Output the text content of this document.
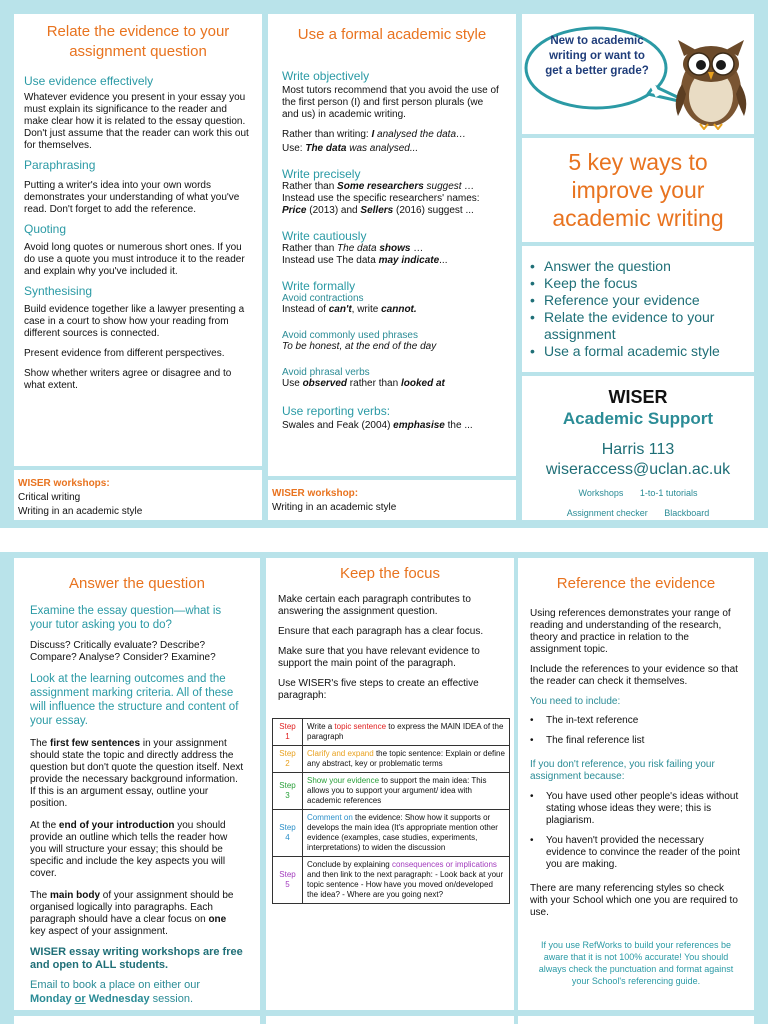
Relate the evidence to your assignment question
Use evidence effectively
Whatever evidence you present in your essay you must explain its significance to the reader and make clear how it is related to the essay question. Don't just assume that the reader can work this out for themselves.
Paraphrasing
Putting a writer's idea into your own words demonstrates your understanding of what you've read. Don't forget to add the reference.
Quoting
Avoid long quotes or numerous short ones. If you do use a quote you must introduce it to the reader and explain why you've included it.
Synthesising
Build evidence together like a lawyer presenting a case in a court to show how your reading from different sources is connected.
Present evidence from different perspectives.
Show whether writers agree or disagree and to what extent.
WISER workshops:
Critical writing
Writing in an academic style
Use a formal academic style
Write objectively
Most tutors recommend that you avoid the use of the first person (I) and first person plurals (we and us) in academic writing.
Rather than writing: I analysed the data…
Use: The data was analysed...
Write precisely
Rather than Some researchers suggest …
Instead use the specific researchers' names:
Price (2013) and Sellers (2016) suggest ...
Write cautiously
Rather than The data shows …
Instead use The data may indicate...
Write formally
Avoid contractions
Instead of can't, write cannot.
Avoid commonly used phrases
To be honest, at the end of the day
Avoid phrasal verbs
Use observed rather than looked at
Use reporting verbs:
Swales and Feak (2004) emphasise the ...
WISER workshop:
Writing in an academic style
New to academic writing or want to get a better grade?
5 key ways to improve your academic writing
• Answer the question
• Keep the focus
• Reference your evidence
• Relate the evidence to your assignment
• Use a formal academic style
WISER
Academic Support
Harris 113
wiseraccess@uclan.ac.uk
Workshops 1-to-1 tutorials
Assignment checker Blackboard
Answer the question
Examine the essay question—what is your tutor asking you to do?
Discuss? Critically evaluate? Describe? Compare? Analyse? Consider? Examine?
Look at the learning outcomes and the assignment marking criteria. All of these will influence the structure and content of your essay.
The first few sentences in your assignment should state the topic and directly address the question but don't quote the question itself. Next provide the necessary background information. If this is an argument essay, outline your position.
At the end of your introduction you should provide an outline which tells the reader how you will structure your essay; this should be specific and include the key aspects you will cover.
The main body of your assignment should be organised logically into paragraphs. Each paragraph should have a clear focus on one key aspect of your assignment.
WISER essay writing workshops are free and open to ALL students.
Email to book a place on either our Monday or Wednesday session.
Keep the focus
Make certain each paragraph contributes to answering the assignment question.
Ensure that each paragraph has a clear focus.
Make sure that you have relevant evidence to support the main point of the paragraph.
Use WISER's five steps to create an effective paragraph:
Step
1	Write a topic sentence to express the MAIN IDEA of the paragraph

Step
2	Clarify and expand the topic sentence: Explain or define any abstract, key or problematic terms

Step
3	Show your evidence to support the main idea: This allows you to support your argument/ idea with academic references

Step
4	Comment on the evidence: Show how it supports or develops the main idea (It's appropriate mention other evidence (examples, case studies, experiments, interpretations) to widen the discussion

Step
5	Conclude by explaining consequences or implications and then link to the next paragraph: - Look back at your topic sentence - How have you moved on/developed the idea? - Where are you going next?
Reference the evidence
Using references demonstrates your range of reading and understanding of the research, theory and practice in relation to the assignment topic.
Include the references to your evidence so that the reader can check it themselves.
You need to include:
• The in-text reference
• The final reference list
If you don't reference, you risk failing your assignment because:
• You have used other people's ideas without stating whose ideas they were; this is plagiarism.
• You haven't provided the necessary evidence to convince the reader of the point you are making.
There are many referencing styles so check with your School which one you are required to use.
If you use RefWorks to build your references be aware that it is not 100% accurate! You should always check the punctuation and format against your School's referencing guide.
